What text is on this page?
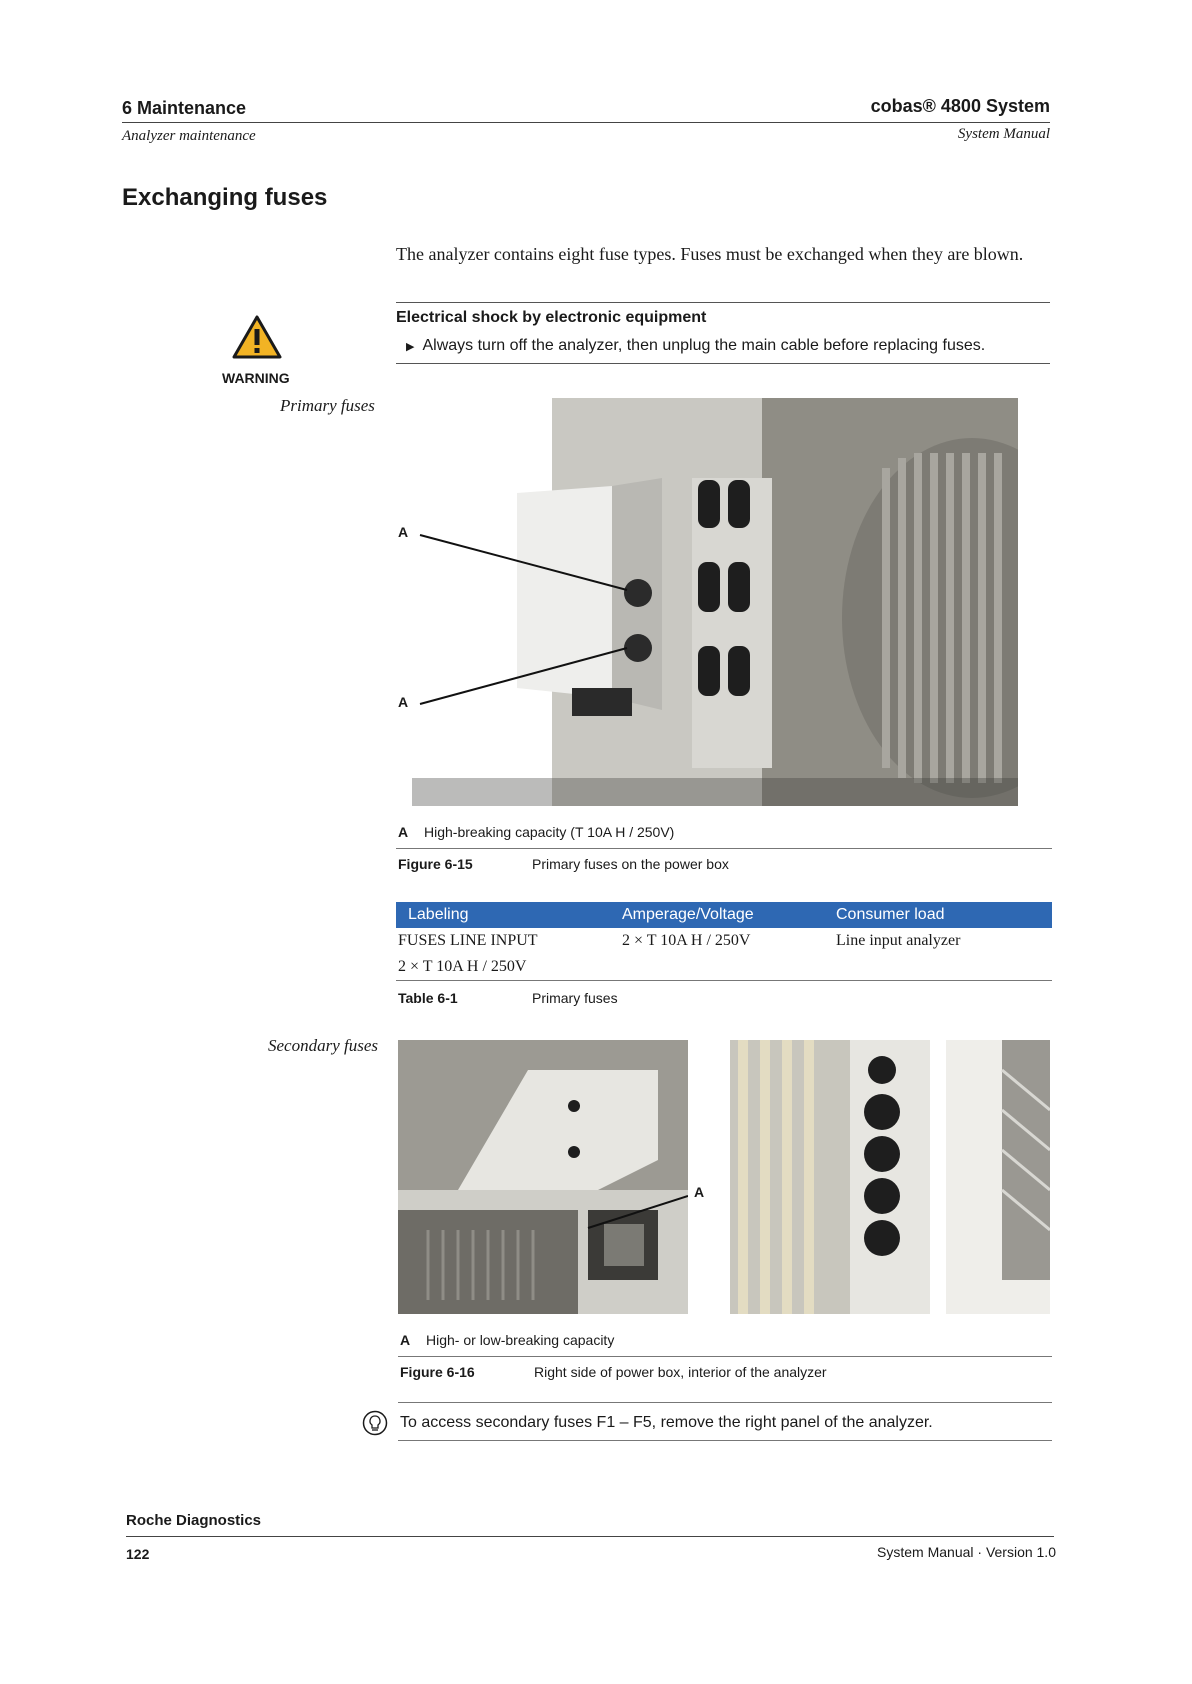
6 Maintenance
Analyzer maintenance
cobas® 4800 System
System Manual
Exchanging fuses
The analyzer contains eight fuse types. Fuses must be exchanged when they are blown.
WARNING
Electrical shock by electronic equipment
▶ Always turn off the analyzer, then unplug the main cable before replacing fuses.
Primary fuses
A
A
A High-breaking capacity (T 10A H / 250V)
Figure 6-15	Primary fuses on the power box
Labeling	Amperage/Voltage	Consumer load
FUSES LINE INPUT	2 × T 10A H / 250V	Line input analyzer
2 × T 10A H / 250V		
Table 6-1	Primary fuses
Secondary fuses
A
A High- or low-breaking capacity
Figure 6-16	Right side of power box, interior of the analyzer
To access secondary fuses F1 – F5, remove the right panel of the analyzer.
Roche Diagnostics
122	System Manual · Version 1.0
